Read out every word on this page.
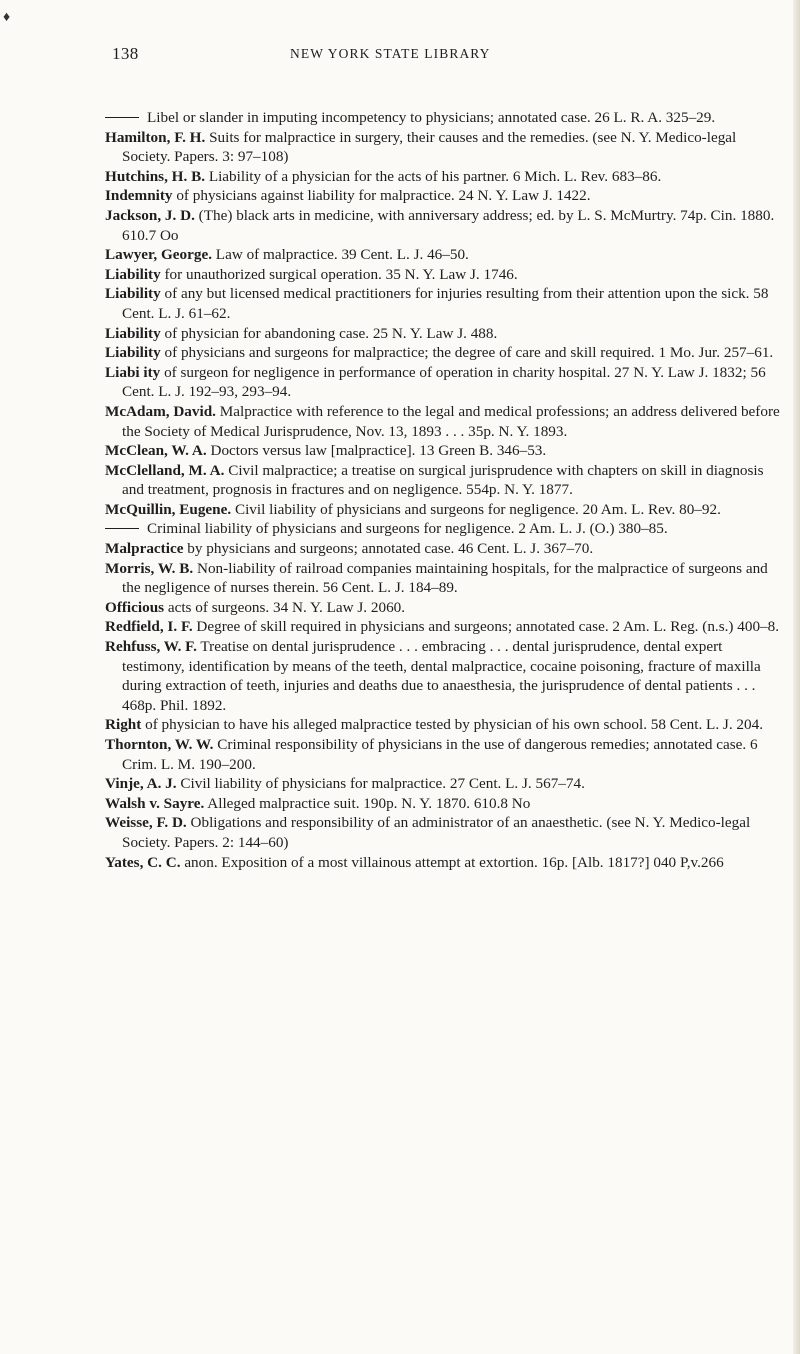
138	NEW YORK STATE LIBRARY
♦

Libel or slander in imputing incompetency to physicians; annotated case. 26 L. R. A. 325–29.

Hamilton, F. H. Suits for malpractice in surgery, their causes and the remedies. (see N. Y. Medico-legal Society. Papers. 3: 97–108)

Hutchins, H. B. Liability of a physician for the acts of his partner. 6 Mich. L. Rev. 683–86.

Indemnity of physicians against liability for malpractice. 24 N. Y. Law J. 1422.

Jackson, J. D. (The) black arts in medicine, with anniversary address; ed. by L. S. McMurtry. 74p. Cin. 1880. 610.7 Oo

Lawyer, George. Law of malpractice. 39 Cent. L. J. 46–50.

Liability for unauthorized surgical operation. 35 N. Y. Law J. 1746.

Liability of any but licensed medical practitioners for injuries resulting from their attention upon the sick. 58 Cent. L. J. 61–62.

Liability of physician for abandoning case. 25 N. Y. Law J. 488.

Liability of physicians and surgeons for malpractice; the degree of care and skill required. 1 Mo. Jur. 257–61.

Liabi ity of surgeon for negligence in performance of operation in charity hospital. 27 N. Y. Law J. 1832; 56 Cent. L. J. 192–93, 293–94.

McAdam, David. Malpractice with reference to the legal and medical professions; an address delivered before the Society of Medical Jurisprudence, Nov. 13, 1893 . . . 35p. N. Y. 1893.

McClean, W. A. Doctors versus law [malpractice]. 13 Green B. 346–53.

McClelland, M. A. Civil malpractice; a treatise on surgical jurisprudence with chapters on skill in diagnosis and treatment, prognosis in fractures and on negligence. 554p. N. Y. 1877.

McQuillin, Eugene. Civil liability of physicians and surgeons for negligence. 20 Am. L. Rev. 80–92.

Criminal liability of physicians and surgeons for negligence. 2 Am. L. J. (O.) 380–85.

Malpractice by physicians and surgeons; annotated case. 46 Cent. L. J. 367–70.

Morris, W. B. Non-liability of railroad companies maintaining hospitals, for the malpractice of surgeons and the negligence of nurses therein. 56 Cent. L. J. 184–89.

Officious acts of surgeons. 34 N. Y. Law J. 2060.

Redfield, I. F. Degree of skill required in physicians and surgeons; annotated case. 2 Am. L. Reg. (n.s.) 400–8.

Rehfuss, W. F. Treatise on dental jurisprudence . . . embracing . . . dental jurisprudence, dental expert testimony, identification by means of the teeth, dental malpractice, cocaine poisoning, fracture of maxilla during extraction of teeth, injuries and deaths due to anaesthesia, the jurisprudence of dental patients . . . 468p. Phil. 1892.

Right of physician to have his alleged malpractice tested by physician of his own school. 58 Cent. L. J. 204.

Thornton, W. W. Criminal responsibility of physicians in the use of dangerous remedies; annotated case. 6 Crim. L. M. 190–200.

Vinje, A. J. Civil liability of physicians for malpractice. 27 Cent. L. J. 567–74.

Walsh v. Sayre. Alleged malpractice suit. 190p. N. Y. 1870. 610.8 No

Weisse, F. D. Obligations and responsibility of an administrator of an anaesthetic. (see N. Y. Medico-legal Society. Papers. 2: 144–60)

Yates, C. C. anon. Exposition of a most villainous attempt at extortion. 16p. [Alb. 1817?] 040 P,v.266
